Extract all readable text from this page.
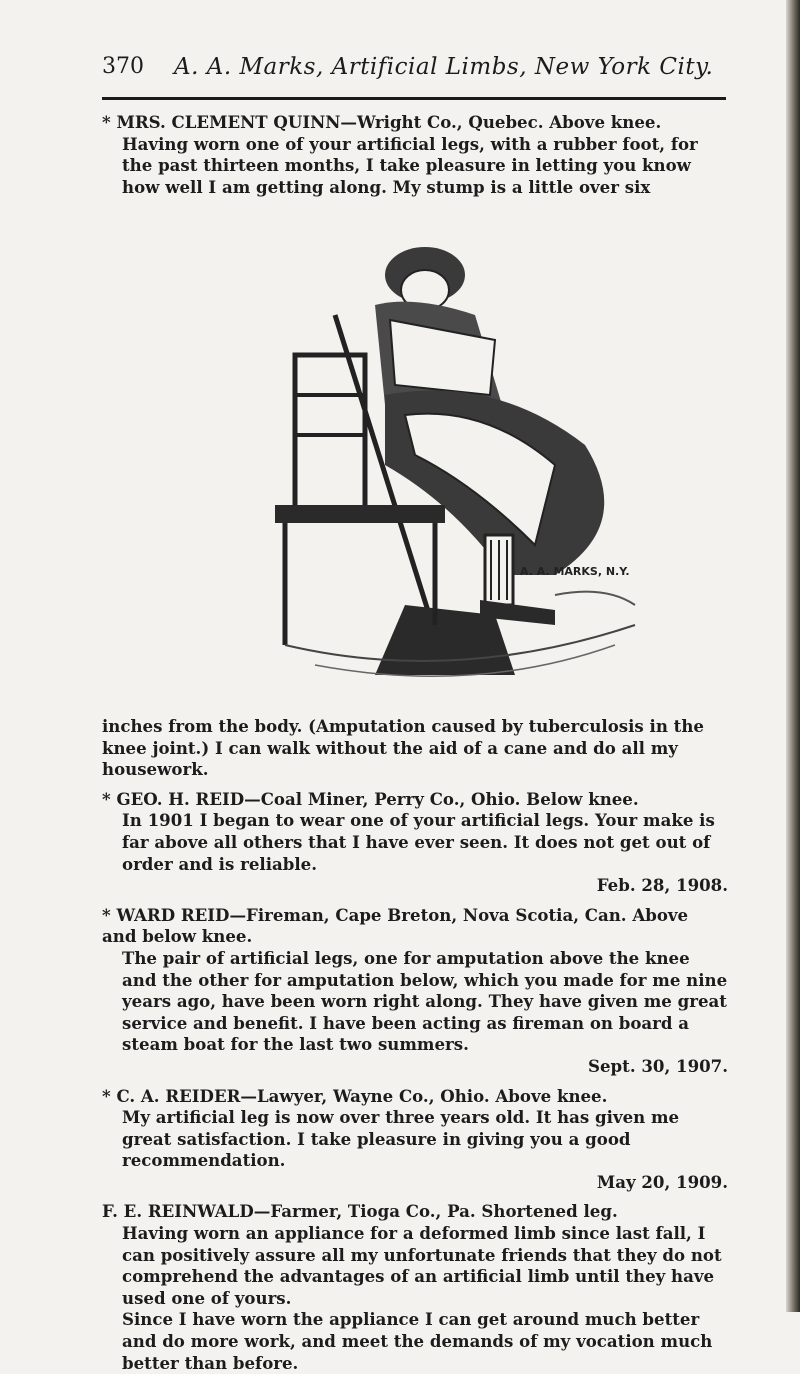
370 A. A. Marks, Artificial Limbs, New York City.

* MRS. CLEMENT QUINN—Wright Co., Quebec. Above knee.

Having worn one of your artificial legs, with a rubber foot, for the past thirteen months, I take pleasure in letting you know how well I am getting along. My stump is a little over six

A. A. MARKS, N.Y.

inches from the body. (Amputation caused by tuberculosis in the knee joint.) I can walk without the aid of a cane and do all my housework.

* GEO. H. REID—Coal Miner, Perry Co., Ohio. Below knee.

In 1901 I began to wear one of your artificial legs. Your make is far above all others that I have ever seen. It does not get out of order and is reliable.

Feb. 28, 1908.

* WARD REID—Fireman, Cape Breton, Nova Scotia, Can. Above and below knee.

The pair of artificial legs, one for amputation above the knee and the other for amputation below, which you made for me nine years ago, have been worn right along. They have given me great service and benefit. I have been acting as fireman on board a steam boat for the last two summers.

Sept. 30, 1907.

* C. A. REIDER—Lawyer, Wayne Co., Ohio. Above knee.

My artificial leg is now over three years old. It has given me great satisfaction. I take pleasure in giving you a good recommendation.

May 20, 1909.

F. E. REINWALD—Farmer, Tioga Co., Pa. Shortened leg.

Having worn an appliance for a deformed limb since last fall, I can positively assure all my unfortunate friends that they do not comprehend the advantages of an artificial limb until they have used one of yours.

Since I have worn the appliance I can get around much better and do more work, and meet the demands of my vocation much better than before.
